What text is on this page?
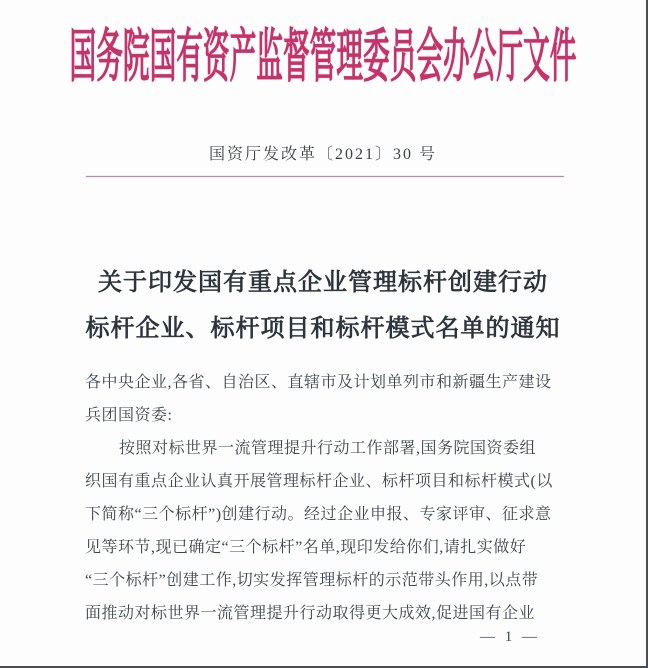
国务院国有资产监督管理委员会办公厅文件
国资厅发改革〔2021〕30 号
关于印发国有重点企业管理标杆创建行动
标杆企业、标杆项目和标杆模式名单的通知
各中央企业,各省、自治区、直辖市及计划单列市和新疆生产建设
兵团国资委:
按照对标世界一流管理提升行动工作部署,国务院国资委组
织国有重点企业认真开展管理标杆企业、标杆项目和标杆模式(以
下简称“三个标杆”)创建行动。经过企业申报、专家评审、征求意
见等环节,现已确定“三个标杆”名单,现印发给你们,请扎实做好
“三个标杆”创建工作,切实发挥管理标杆的示范带头作用,以点带
面推动对标世界一流管理提升行动取得更大成效,促进国有企业
— 1 —
